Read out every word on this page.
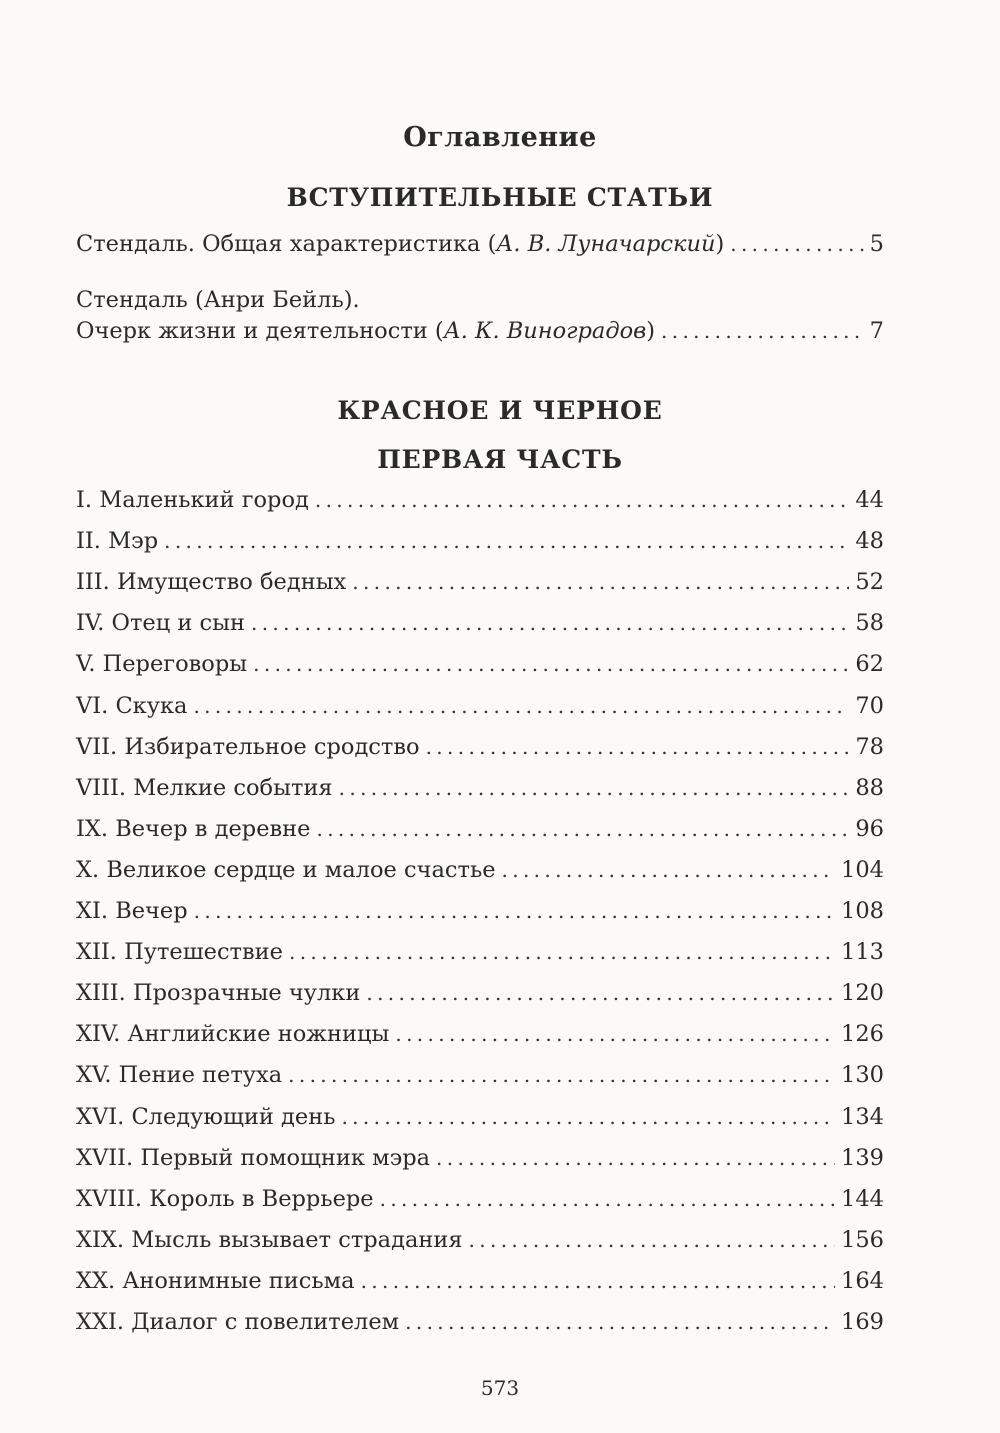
Оглавление
ВСТУПИТЕЛЬНЫЕ СТАТЬИ
Стендаль. Общая характеристика (А. В. Луначарский) . . .	5
Стендаль (Анри Бейль).
Очерк жизни и деятельности (А. К. Виноградов) . . .	7
КРАСНОЕ И ЧЕРНОЕ
ПЕРВАЯ ЧАСТЬ
I. Маленький город . . .	44
II. Мэр . . .	48
III. Имущество бедных . . .	52
IV. Отец и сын . . .	58
V. Переговоры . . .	62
VI. Скука . . .	70
VII. Избирательное сродство . . .	78
VIII. Мелкие события . . .	88
IX. Вечер в деревне . . .	96
X. Великое сердце и малое счастье . . .	104
XI. Вечер . . .	108
XII. Путешествие . . .	113
XIII. Прозрачные чулки . . .	120
XIV. Английские ножницы . . .	126
XV. Пение петуха . . .	130
XVI. Следующий день . . .	134
XVII. Первый помощник мэра . . .	139
XVIII. Король в Веррьере . . .	144
XIX. Мысль вызывает страдания . . .	156
XX. Анонимные письма . . .	164
XXI. Диалог с повелителем . . .	169
573
